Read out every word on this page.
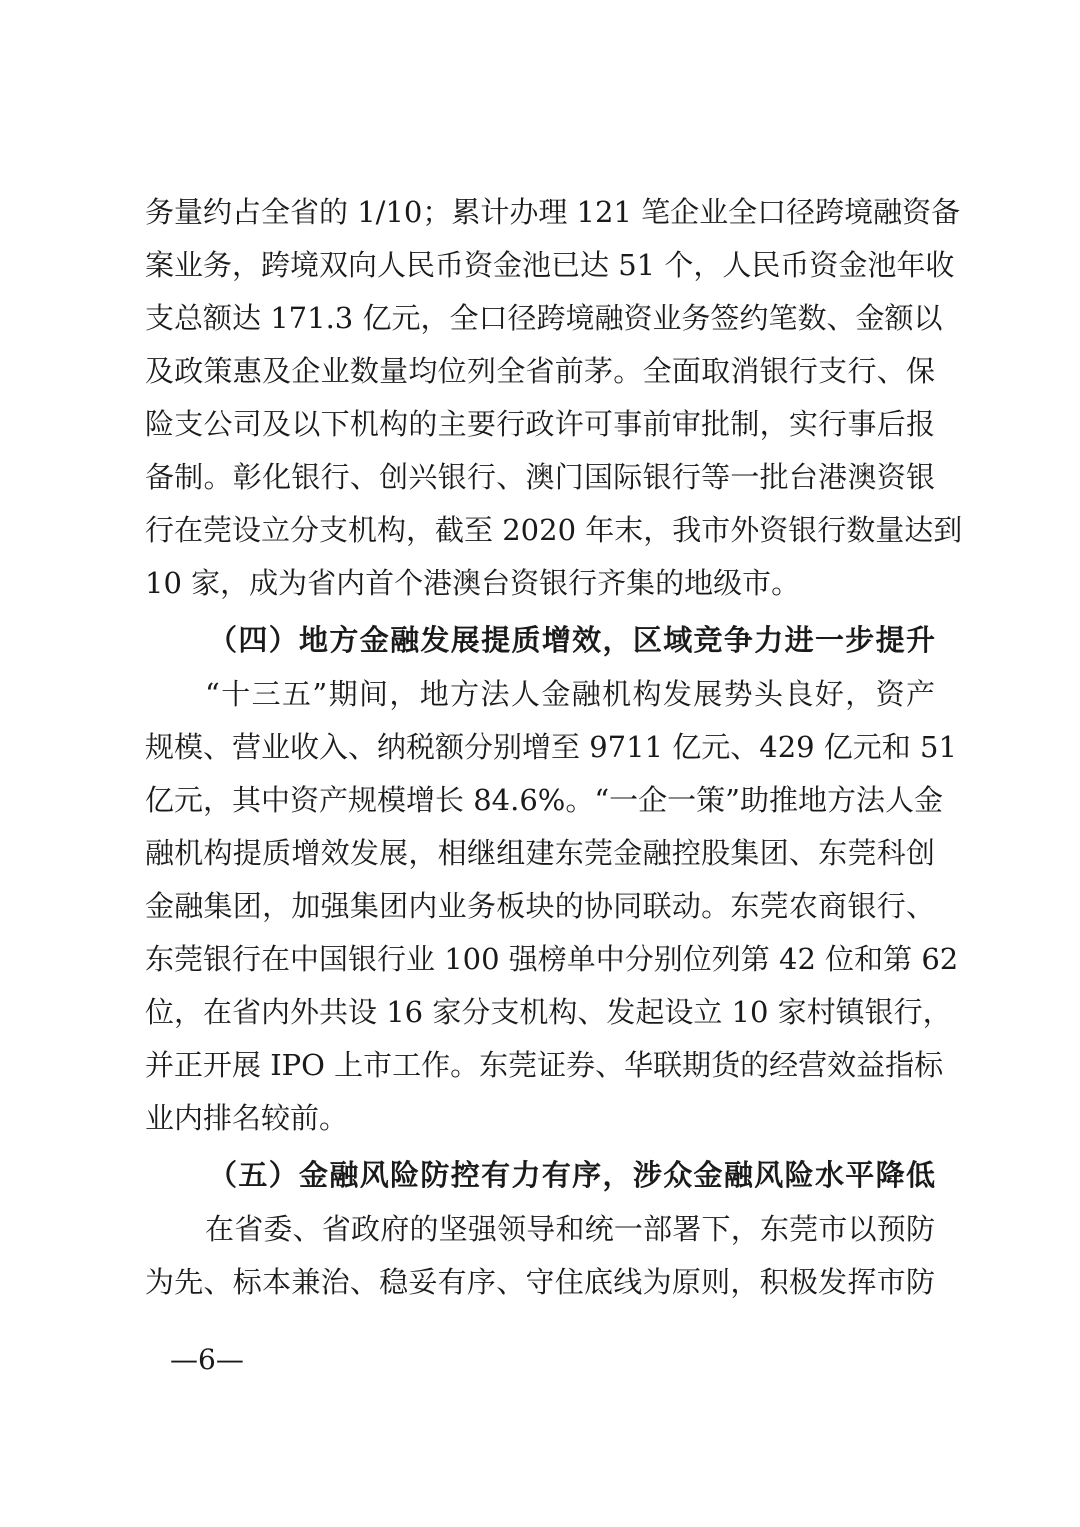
务量约占全省的 1/10；累计办理 121 笔企业全口径跨境融资备
案业务，跨境双向人民币资金池已达 51 个，人民币资金池年收
支总额达 171.3 亿元，全口径跨境融资业务签约笔数、金额以
及政策惠及企业数量均位列全省前茅。全面取消银行支行、保
险支公司及以下机构的主要行政许可事前审批制，实行事后报
备制。彰化银行、创兴银行、澳门国际银行等一批台港澳资银
行在莞设立分支机构，截至 2020 年末，我市外资银行数量达到
10 家，成为省内首个港澳台资银行齐集的地级市。
（四）地方金融发展提质增效，区域竞争力进一步提升
“十三五”期间，地方法人金融机构发展势头良好，资产
规模、营业收入、纳税额分别增至 9711 亿元、429 亿元和 51
亿元，其中资产规模增长 84.6%。“一企一策”助推地方法人金
融机构提质增效发展，相继组建东莞金融控股集团、东莞科创
金融集团，加强集团内业务板块的协同联动。东莞农商银行、
东莞银行在中国银行业 100 强榜单中分别位列第 42 位和第 62
位，在省内外共设 16 家分支机构、发起设立 10 家村镇银行，
并正开展 IPO 上市工作。东莞证券、华联期货的经营效益指标
业内排名较前。
（五）金融风险防控有力有序，涉众金融风险水平降低
在省委、省政府的坚强领导和统一部署下，东莞市以预防
为先、标本兼治、稳妥有序、守住底线为原则，积极发挥市防
—6—
